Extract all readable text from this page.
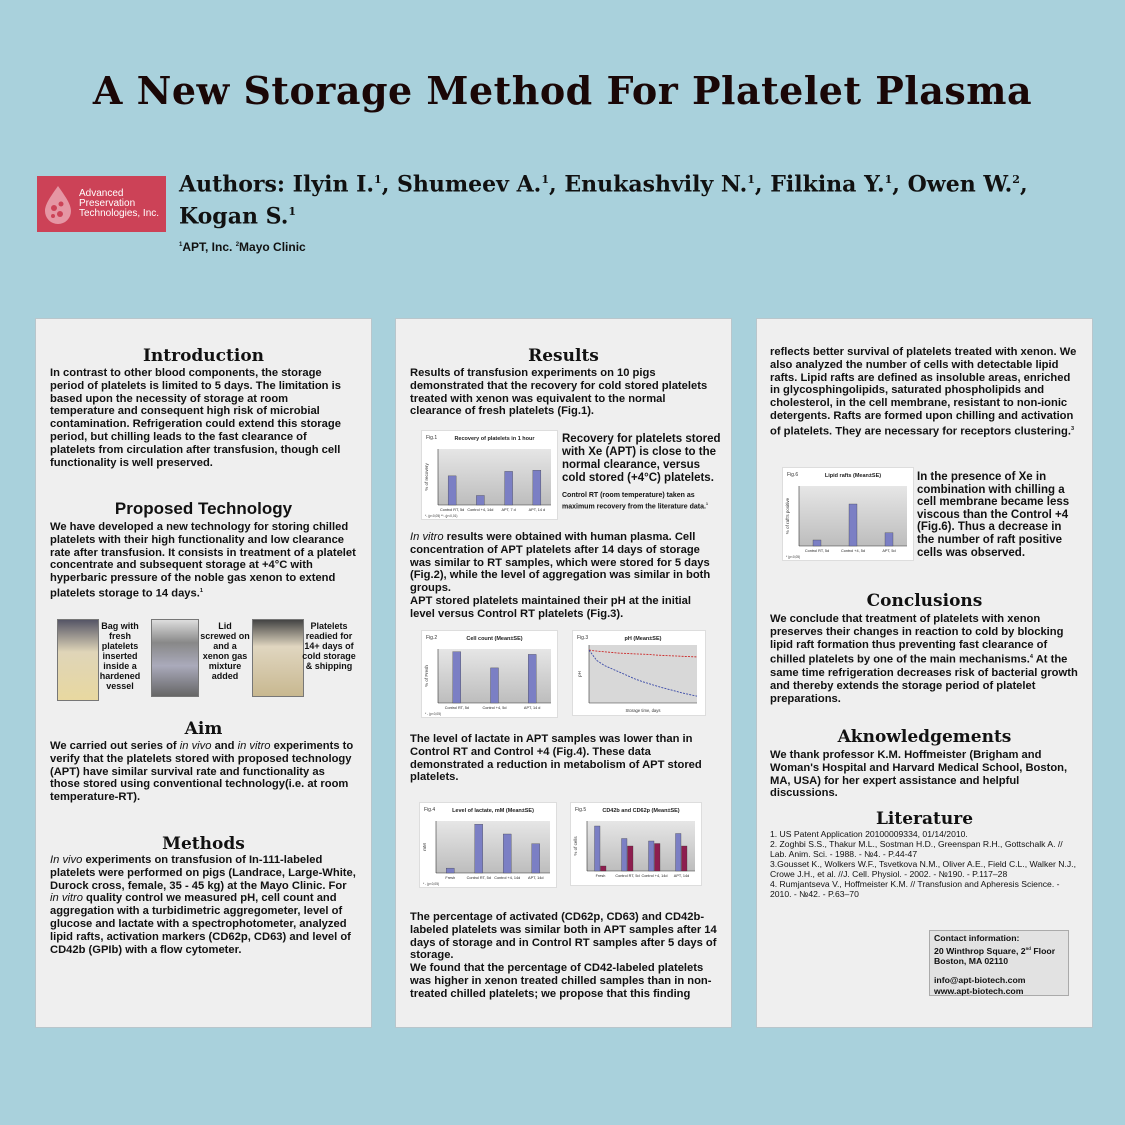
A New Storage Method For Platelet Plasma
Advanced
Preservation
Technologies, Inc.
Authors: Ilyin I.$^1$, Shumeev A.$^1$, Enukashvily N.$^1$, Filkina Y.$^1$, Owen W.$^2$, Kogan S.$^1$
$^1$APT, Inc. $^2$Mayo Clinic
Introduction
In contrast to other blood components, the storage period of platelets is limited to 5 days. The limitation is based upon the necessity of storage at room temperature and consequent high risk of microbial contamination. Refrigeration could extend this storage period, but chilling leads to the fast clearance of platelets from circulation after transfusion, though cell functionality is well preserved.
Proposed Technology
We have developed a new technology for storing chilled platelets with their high functionality and low clearance rate after transfusion. It consists in treatment of a platelet concentrate and subsequent storage at +4°C with hyperbaric pressure of the noble gas xenon to extend platelets storage to 14 days.$^1$
Bag with fresh platelets inserted inside a hardened vessel
Lid screwed on and a xenon gas mixture added
Platelets readied for 14+ days of cold storage & shipping
Aim
We carried out series of in vivo and in vitro experiments to verify that the platelets stored with proposed technology (APT) have similar survival rate and functionality as those stored using conventional technology(i.e. at room temperature-RT).
Methods
In vivo experiments on transfusion of In-111-labeled platelets were performed on pigs (Landrace, Large-White, Durock cross, female, 35 - 45 kg) at the Mayo Clinic. For in vitro quality control we measured pH, cell count and aggregation with a turbidimetric aggregometer, level of glucose and lactate with a spectrophotometer, analyzed lipid rafts, activation markers (CD62p, CD63) and level of CD42b (GPIb) with a flow cytometer.
Results
Results of transfusion experiments on 10 pigs demonstrated that the recovery for cold stored platelets treated with xenon was equivalent to the normal clearance of fresh platelets (Fig.1).
Fig.1	Recovery of platelets in 1 hour
% of recovery
Control RT, 5d Control +4, 14d APT, 7 d	APT, 14 d
*- (p<0,05) **- (p<0,01)
Recovery for platelets stored with Xe (APT) is close to the normal clearance, versus cold stored (+4°C) platelets.
Control RT (room temperature) taken as maximum recovery from the literature data.$^1$
In vitro results were obtained with human plasma. Cell concentration of APT platelets after 14 days of storage was similar to RT samples, which were stored for 5 days (Fig.2), while the level of aggregation was similar in both groups.
APT stored platelets maintained their pH at the initial level versus Control RT platelets (Fig.3).
Fig.2	Cell count (Mean±SE)
% of Fresh
Control RT, 5d	Control +4, 5d	APT, 14 d
* - (p<0,05)
Fig.3	pH (Mean±SE)
pH
Storage time, days
The level of lactate in APT samples was lower than in Control RT and Control +4 (Fig.4). These data demonstrated a reduction in metabolism of APT stored platelets.
Fig.4	Level of lactate, mM (Mean±SE)
mM
Fresh	Control RT, 5d Control +4, 14d APT, 14d
* - (p<0,05)
Fig.5	CD42b and CD62p (Mean±SE)
% of cells
Fresh	Control RT, 5d Control +4, 14d APT, 14d
The percentage of activated (CD62p, CD63) and CD42b-labeled platelets was similar both in APT samples after 14 days of storage and in Control RT samples after 5 days of storage.
We found that the percentage of CD42-labeled platelets was higher in xenon treated chilled samples than in non-treated chilled platelets; we propose that this finding
reflects better survival of platelets treated with xenon. We also analyzed the number of cells with detectable lipid rafts. Lipid rafts are defined as insoluble areas, enriched in glycosphingolipids, saturated phospholipids and cholesterol, in the cell membrane, resistant to non-ionic detergents. Rafts are formed upon chilling and activation of platelets. They are necessary for receptors clustering.$^3$
Fig.6	Lipid rafts (Mean±SE)
% of raft's positive
Control RT, 5d	Control +4, 5d	APT, 5d
* (p<0,05)
In the presence of Xe in combination with chilling a cell membrane became less viscous than the Control +4 (Fig.6). Thus a decrease in the number of raft positive cells was observed.
Conclusions
We conclude that treatment of platelets with xenon preserves their changes in reaction to cold by blocking lipid raft formation thus preventing fast clearance of chilled platelets by one of the main mechanisms.$^4$ At the same time refrigeration decreases risk of bacterial growth and thereby extends the storage period of platelet preparations.
Aknowledgements
We thank professor K.M. Hoffmeister (Brigham and Woman's Hospital and Harvard Medical School, Boston, MA, USA) for her expert assistance and helpful discussions.
Literature
1. US Patent Application 20100009334, 01/14/2010.
2. Zoghbi S.S., Thakur M.L., Sostman H.D., Greenspan R.H., Gottschalk A. // Lab. Anim. Sci. - 1988. - №4. - P.44-47
3.Gousset K., Wolkers W.F., Tsvetkova N.M., Oliver A.E., Field C.L., Walker N.J., Crowe J.H., et al. //J. Cell. Physiol. - 2002. - №190. - P.117–28
4. Rumjantseva V., Hoffmeister K.M. // Transfusion and Apheresis Science. - 2010. - №42. - P.63–70
Contact information:
20 Winthrop Square, 2nd Floor
Boston, MA 02110
info@apt-biotech.com
www.apt-biotech.com
